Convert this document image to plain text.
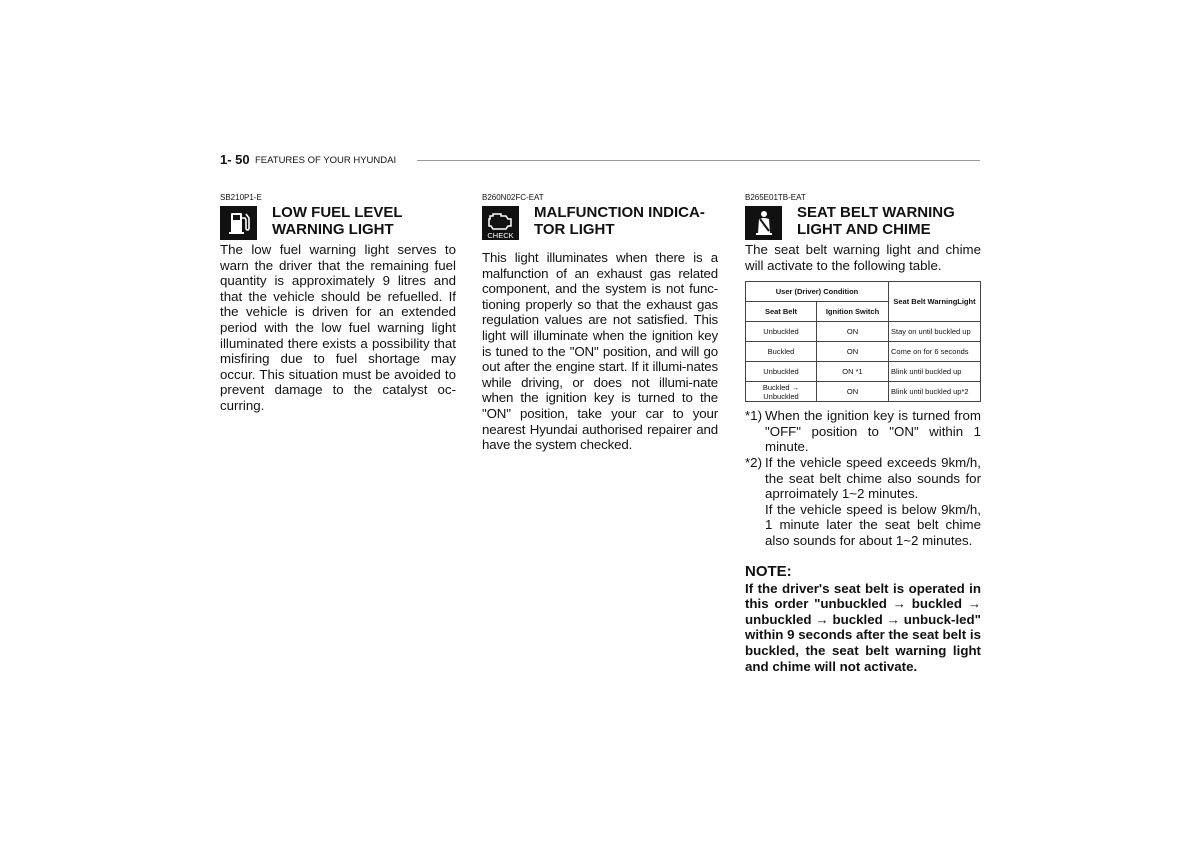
1- 50 FEATURES OF YOUR HYUNDAI
SB210P1-E
LOW FUEL LEVEL
WARNING LIGHT
The low fuel warning light serves to warn the driver that the remaining fuel quantity is approximately 9 litres and that the vehicle should be refuelled. If the vehicle is driven for an extended period with the low fuel warning light illuminated there exists a possibility that misfiring due to fuel shortage may occur. This situation must be avoided to prevent damage to the catalyst oc-curring.
B260N02FC-EAT
CHECK
MALFUNCTION INDICA-
TOR LIGHT
This light illuminates when there is a malfunction of an exhaust gas related component, and the system is not func-tioning properly so that the exhaust gas regulation values are not satisfied. This light will illuminate when the ignition key is tuned to the "ON" position, and will go out after the engine start. If it illumi-nates while driving, or does not illumi-nate when the ignition key is turned to the "ON" position, take your car to your nearest Hyundai authorised repairer and have the system checked.
B265E01TB-EAT
SEAT BELT WARNING
LIGHT AND CHIME
The seat belt warning light and chime will activate to the following table.
User (Driver) Condition		Seat Belt WarningLight
Seat Belt	Ignition Switch	
Unbuckled	ON	Stay on until buckled up
Buckled	ON	Come on for 6 seconds
Unbuckled	ON *1	Blink until buckled up
Buckled → Unbuckled	ON	Blink until buckled up*2
*1) When the ignition key is turned from "OFF" position to "ON" within 1 minute.
*2) If the vehicle speed exceeds 9km/h, the seat belt chime also sounds for aprroimately 1~2 minutes.
If the vehicle speed is below 9km/h, 1 minute later the seat belt chime also sounds for about 1~2 minutes.
NOTE:
If the driver's seat belt is operated in this order "unbuckled → buckled → unbuckled → buckled → unbuck-led" within 9 seconds after the seat belt is buckled, the seat belt warning light and chime will not activate.
